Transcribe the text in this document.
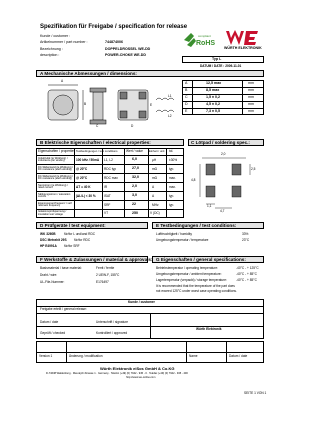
Spezifikation für Freigabe / specification for release
Kunde / customer :
Artikelnummer / part number :	744874006
Bezeichnung :	DOPPELDROSSEL WE-DD
description :	POWER-CHOKE WE-DD
compliant
RoHS
WÜRTH ELEKTRONIK
Typ L
DATUM / DATE : 2009-11-01
A Mechanische Abmessungen / dimensions:
A
B
C	D
E
L1
L2
A	12,5 max	mm
B	8,5 max	mm
C	1,5 ± 0,2	mm
D	4,5 ± 0,2	mm
E	7,3 ± 0,5	mm
B Elektrische Eigenschaften / electrical properties:
Eigenschaften / properties Testbedingungen / test conditions	Wert / value Einheit / unit tol.
Induktivität (je Wicklung) / inductance per winding	100 kHz / 50mA L1, L2	6,0	µH	±30%
DC-Widerstand (je Wicklung) / DC resistance (each winding)	@ 20°C	RDC typ	27,0	mΩ	typ.
DC-Widerstand (je Wicklung) / DC resistance (each winding)	@ 20°C	RDC max	32,0	mΩ	max.
Nennstrom (je Wicklung) / rated current	ΔT = 40 K	IR	2,0	A	max.
Sättigungsstrom / saturation current	|ΔL/L| < 30 %	ISAT	3,0	A	typ.
Eigenresonanzfrequenz / self resonant frequency	SRF	22	MHz	typ.
Isolationsprüfspannung / insulation test voltage	VT	250	V (DC)
C Lötpad / soldering spec.:
2,0
4,8
2,5
1,1
4,7
D Prüfgeräte / test equipment:
WK 3260B	für/for L und/and RDC
DSC Metrahit 29S für/for RDC
HP E4991A für/for SRF
E Testbedingungen / test conditions:
Luftfeuchtigkeit / humidity	33%
Umgebungstemperatur / temperature	23°C
F Werkstoffe & Zulassungen / material & approvals:
Basismaterial / base material:	Ferrit / ferrite
Draht / wire:	2 UEW-F, 155°C
UL-File-Nummer:	E176497
G Eigenschaften / general specifications:
Betriebstemperatur / operating temperature:	-40°C - + 125°C
Umgebungstemperatur / ambient temperature:	-40°C - + 85°C
Lagertemperatur (verpackt) / storage temperature:	-40°C - + 85°C
It is recommended that the temperature of the part does
not exceed 125°C under worst case operating conditions.
Kunde / customer
Freigabe erteilt / general release:
Datum / date	Unterschrift / signature
Würth Elektronik
Geprüft / checked	Kontrolliert / approved
Version 1	Änderung / modification	Name	Datum / date
Würth Elektronik eiSos GmbH & Co.KG
D-74638 Waldenburg · Max-Eyth-Strasse 1 · Germany · Telefon (+49) (0) 7942 - 945 - 0 · Telefax (+49) (0) 7942 - 945 - 400
http://www.we-online.com
SEITE 1 VON 1
